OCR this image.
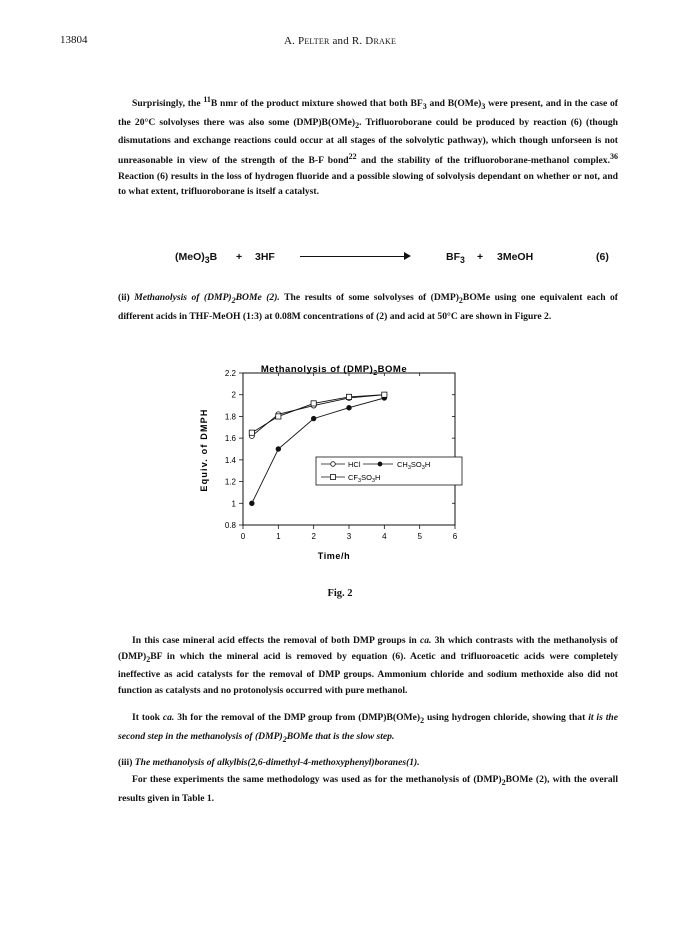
13804	A. Pelter and R. Drake
Surprisingly, the $^{11}$B nmr of the product mixture showed that both $BF_3$ and $B(OMe)_3$ were present, and in the case of the 20°C solvolyses there was also some $(DMP)B(OMe)_2$. Trifluoroborane could be produced by reaction (6) (though dismutations and exchange reactions could occur at all stages of the solvolytic pathway), which though unforseen is not unreasonable in view of the strength of the B-F bond$^{22}$ and the stability of the trifluoroborane-methanol complex.$^{36}$ Reaction (6) results in the loss of hydrogen fluoride and a possible slowing of solvolysis dependant on whether or not, and to what extent, trifluoroborane is itself a catalyst.
$(MeO)_3B + 3HF$	$BF_3$ + 3MeOH	(6)
(ii) Methanolysis of $(DMP)_2BOMe$ (2). The results of some solvolyses of $(DMP)_2BOMe$ using one equivalent each of different acids in THF-MeOH (1:3) at 0.08M concentrations of (2) and acid at 50°C are shown in Figure 2.
Methanolysis of $(DMP)_2BOMe$
0	1	2	3	4	5	6
0.8
1
1.2
1.4
1.6
1.8
2
2.2
Time/h
Equiv. of DMPH	HCl	$CH_3SO_3H$
$CF_3SO_3H$
Fig. 2
In this case mineral acid effects the removal of both DMP groups in ca. 3h which contrasts with the methanolysis of $(DMP)_2BF$ in which the mineral acid is removed by equation (6). Acetic and trifluoroacetic acids were completely ineffective as acid catalysts for the removal of DMP groups. Ammonium chloride and sodium methoxide also did not function as catalysts and no protonolysis occurred with pure methanol.
It took ca. 3h for the removal of the DMP group from $(DMP)B(OMe)_2$ using hydrogen chloride, showing that it is the second step in the methanolysis of $(DMP)_2BOMe$ that is the slow step.
(iii) The methanolysis of alkylbis(2,6-dimethyl-4-methoxyphenyl)boranes(1).
For these experiments the same methodology was used as for the methanolysis of $(DMP)_2BOMe$ (2), with the overall results given in Table 1.
